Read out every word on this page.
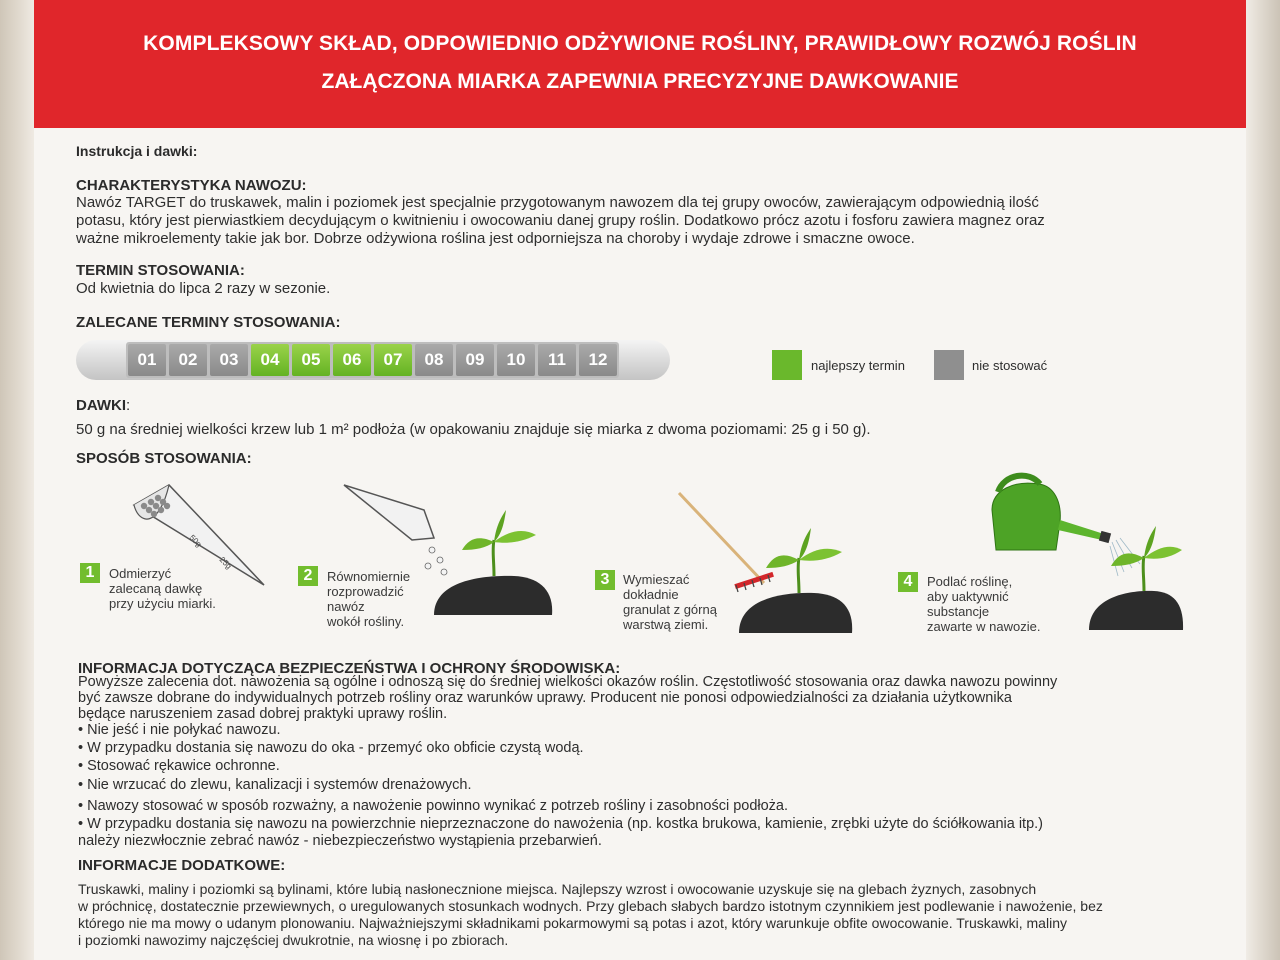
KOMPLEKSOWY SKŁAD, ODPOWIEDNIO ODŻYWIONE ROŚLINY, PRAWIDŁOWY ROZWÓJ ROŚLIN
ZAŁĄCZONA MIARKA ZAPEWNIA PRECYZYJNE DAWKOWANIE
Instrukcja i dawki:
CHARAKTERYSTYKA NAWOZU:
Nawóz TARGET do truskawek, malin i poziomek jest specjalnie przygotowanym nawozem dla tej grupy owoców, zawierającym odpowiednią ilość
potasu, który jest pierwiastkiem decydującym o kwitnieniu i owocowaniu danej grupy roślin. Dodatkowo prócz azotu i fosforu zawiera magnez oraz
ważne mikroelementy takie jak bor. Dobrze odżywiona roślina jest odporniejsza na choroby i wydaje zdrowe i smaczne owoce.
TERMIN STOSOWANIA:
Od kwietnia do lipca 2 razy w sezonie.
ZALECANE TERMINY STOSOWANIA:
01	02	03	04	05	06	07	08	09	10	11	12	najlepszy termin	nie stosować
DAWKI:
50 g na średniej wielkości krzew lub 1 m² podłoża (w opakowaniu znajduje się miarka z dwoma poziomami: 25 g i 50 g).
SPOSÓB STOSOWANIA:
50g
25g
1	Odmierzyć
zalecaną dawkę
przy użyciu miarki.
2	Równomiernie
rozprowadzić
nawóz
wokół rośliny.
3	Wymieszać
dokładnie
granulat z górną
warstwą ziemi.
4	Podlać roślinę,
aby uaktywnić
substancje
zawarte w nawozie.
INFORMACJA DOTYCZĄCA BEZPIECZEŃSTWA I OCHRONY ŚRODOWISKA:
Powyższe zalecenia dot. nawożenia są ogólne i odnoszą się do średniej wielkości okazów roślin. Częstotliwość stosowania oraz dawka nawozu powinny
być zawsze dobrane do indywidualnych potrzeb rośliny oraz warunków uprawy. Producent nie ponosi odpowiedzialności za działania użytkownika
będące naruszeniem zasad dobrej praktyki uprawy roślin.
• Nie jeść i nie połykać nawozu.
• W przypadku dostania się nawozu do oka - przemyć oko obficie czystą wodą.
• Stosować rękawice ochronne.
• Nie wrzucać do zlewu, kanalizacji i systemów drenażowych.
• Nawozy stosować w sposób rozważny, a nawożenie powinno wynikać z potrzeb rośliny i zasobności podłoża.
• W przypadku dostania się nawozu na powierzchnie nieprzeznaczone do nawożenia (np. kostka brukowa, kamienie, zrębki użyte do ściółkowania itp.)
należy niezwłocznie zebrać nawóz - niebezpieczeństwo wystąpienia przebarwień.
INFORMACJE DODATKOWE:
Truskawki, maliny i poziomki są bylinami, które lubią nasłonecznione miejsca. Najlepszy wzrost i owocowanie uzyskuje się na glebach żyznych, zasobnych
w próchnicę, dostatecznie przewiewnych, o uregulowanych stosunkach wodnych. Przy glebach słabych bardzo istotnym czynnikiem jest podlewanie i nawożenie, bez
którego nie ma mowy o udanym plonowaniu. Najważniejszymi składnikami pokarmowymi są potas i azot, który warunkuje obfite owocowanie. Truskawki, maliny
i poziomki nawozimy najczęściej dwukrotnie, na wiosnę i po zbiorach.
